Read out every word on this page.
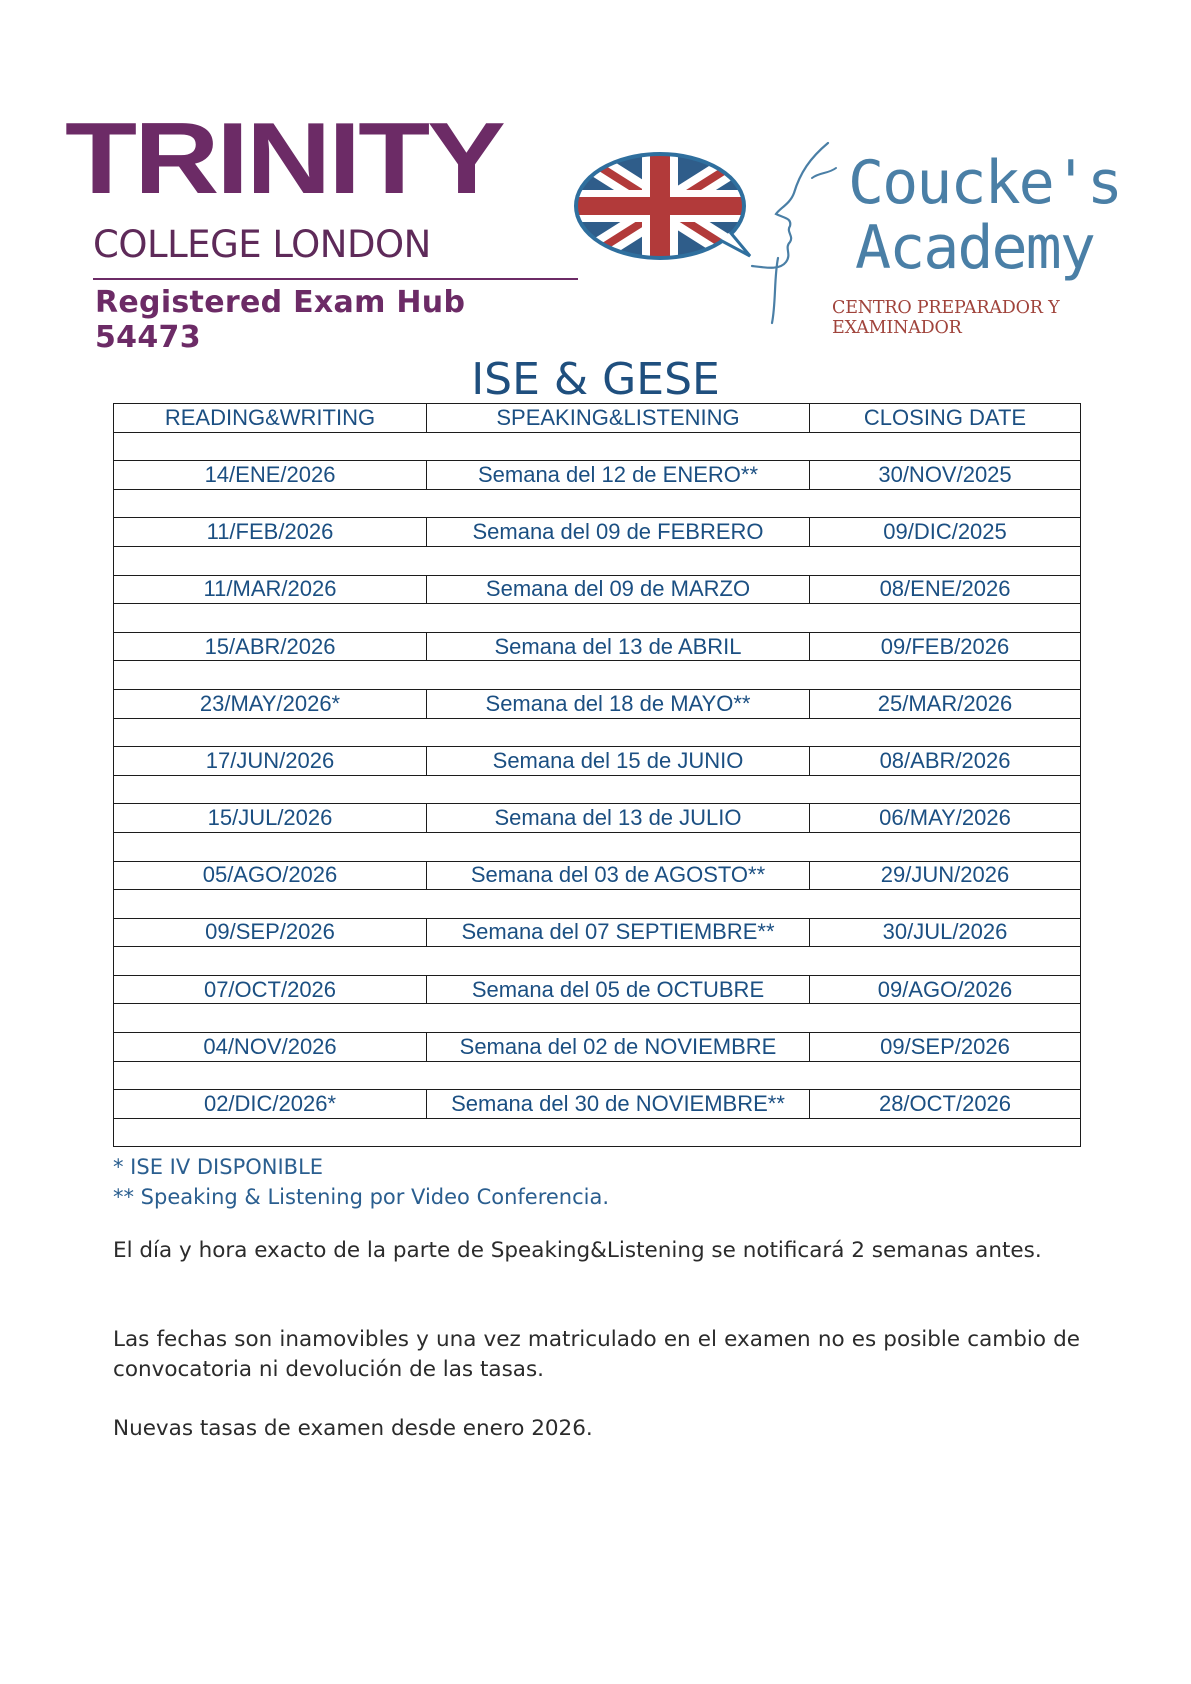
TRINITY
COLLEGE LONDON
Registered Exam Hub 54473
Coucke's
Academy
CENTRO PREPARADOR Y EXAMINADOR
ISE & GESE
READING&WRITING	SPEAKING&LISTENING	CLOSING DATE

14/ENE/2026	Semana del 12 de ENERO**	30/NOV/2025

11/FEB/2026	Semana del 09 de FEBRERO	09/DIC/2025

11/MAR/2026	Semana del 09 de MARZO	08/ENE/2026

15/ABR/2026	Semana del 13 de ABRIL	09/FEB/2026

23/MAY/2026*	Semana del 18 de MAYO**	25/MAR/2026

17/JUN/2026	Semana del 15 de JUNIO	08/ABR/2026

15/JUL/2026	Semana del 13 de JULIO	06/MAY/2026

05/AGO/2026	Semana del 03 de AGOSTO**	29/JUN/2026

09/SEP/2026	Semana del 07 SEPTIEMBRE**	30/JUL/2026

07/OCT/2026	Semana del 05 de OCTUBRE	09/AGO/2026

04/NOV/2026	Semana del 02 de NOVIEMBRE	09/SEP/2026

02/DIC/2026*	Semana del 30 de NOVIEMBRE**	28/OCT/2026

* ISE IV DISPONIBLE

** Speaking & Listening por Video Conferencia.

El día y hora exacto de la parte de Speaking&Listening se notificará 2 semanas antes.

Las fechas son inamovibles y una vez matriculado en el examen no es posible cambio de convocatoria ni devolución de las tasas.

Nuevas tasas de examen desde enero 2026.
